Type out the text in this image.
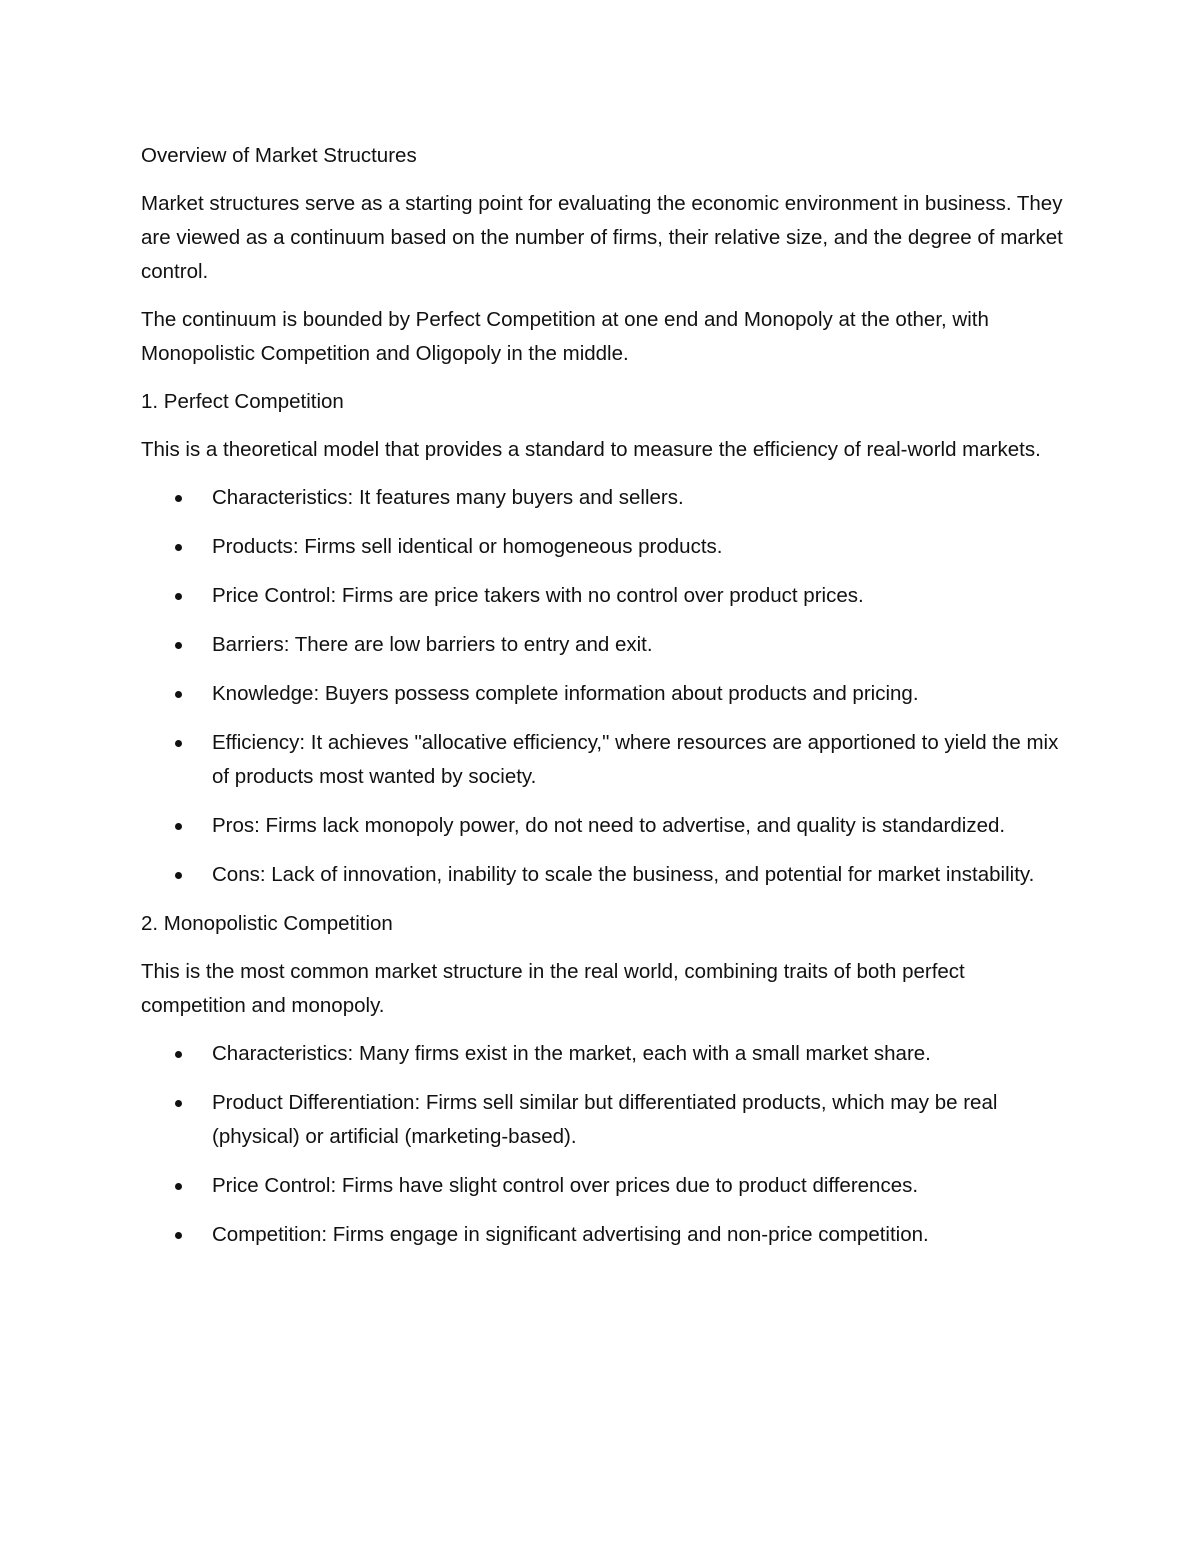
Overview of Market Structures

Market structures serve as a starting point for evaluating the economic environment in business. They are viewed as a continuum based on the number of firms, their relative size, and the degree of market control.

The continuum is bounded by Perfect Competition at one end and Monopoly at the other, with Monopolistic Competition and Oligopoly in the middle.

1. Perfect Competition

This is a theoretical model that provides a standard to measure the efficiency of real-world markets.

Characteristics: It features many buyers and sellers.
Products: Firms sell identical or homogeneous products.
Price Control: Firms are price takers with no control over product prices.
Barriers: There are low barriers to entry and exit.
Knowledge: Buyers possess complete information about products and pricing.
Efficiency: It achieves "allocative efficiency," where resources are apportioned to yield the mix of products most wanted by society.
Pros: Firms lack monopoly power, do not need to advertise, and quality is standardized.
Cons: Lack of innovation, inability to scale the business, and potential for market instability.
2. Monopolistic Competition

This is the most common market structure in the real world, combining traits of both perfect competition and monopoly.

Characteristics: Many firms exist in the market, each with a small market share.
Product Differentiation: Firms sell similar but differentiated products, which may be real (physical) or artificial (marketing-based).
Price Control: Firms have slight control over prices due to product differences.
Competition: Firms engage in significant advertising and non-price competition.
